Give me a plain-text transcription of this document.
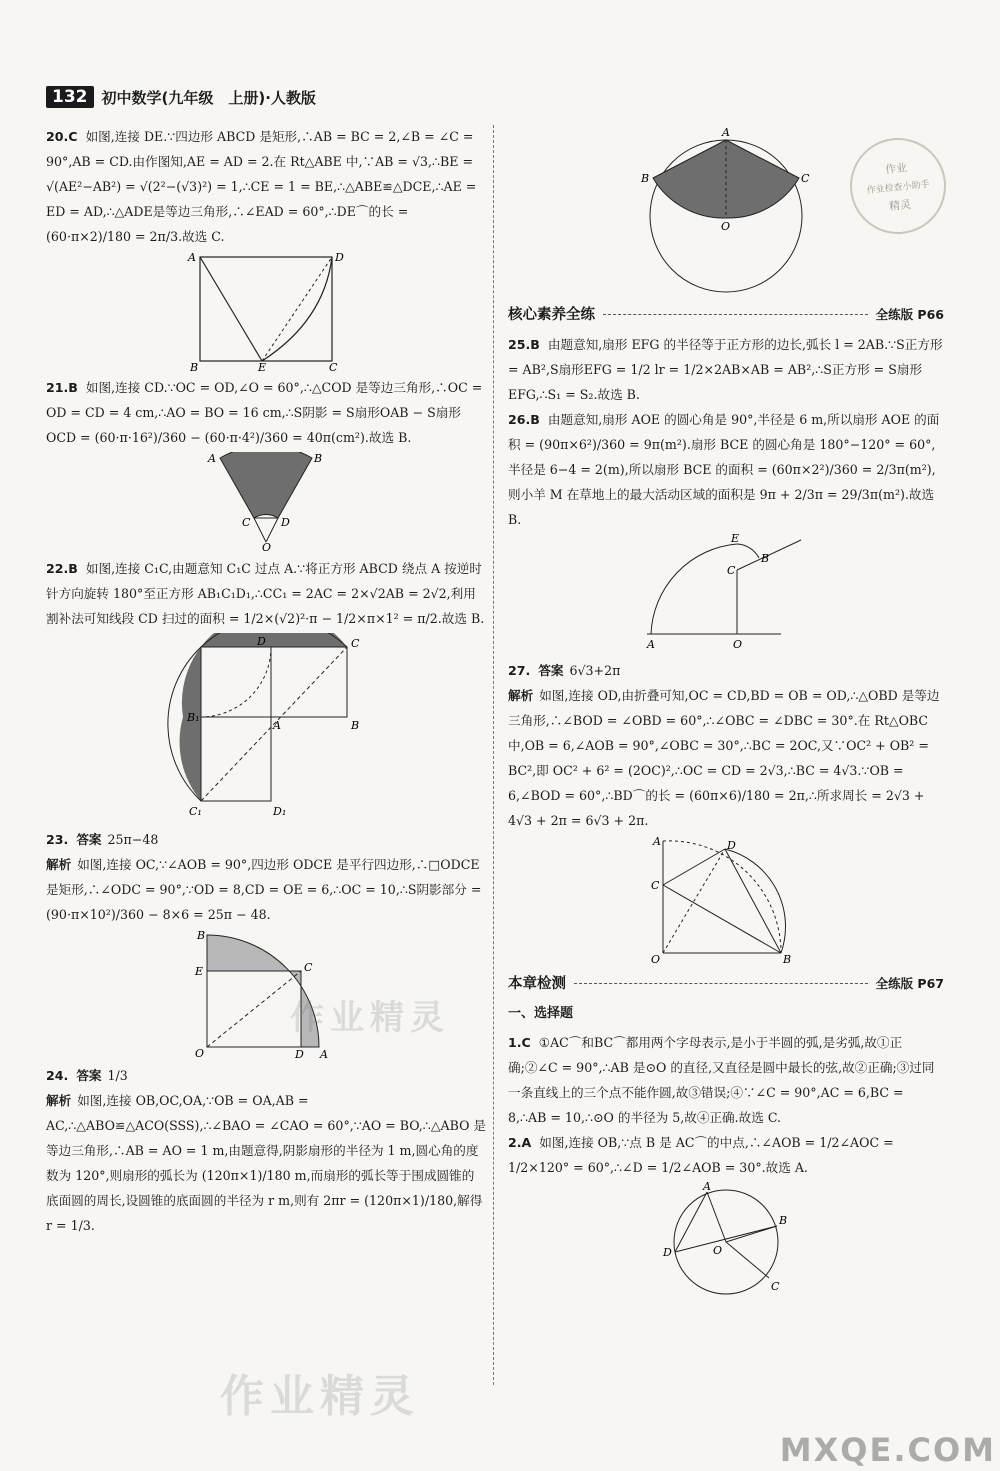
132 初中数学(九年级　上册)·人教版

20.C 如图,连接 DE.∵四边形 ABCD 是矩形,∴AB = BC = 2,∠B = ∠C = 90°,AB = CD.由作图知,AE = AD = 2.在 Rt△ABE 中,∵AB = √3,∴BE = √(AE²−AB²) = √(2²−(√3)²) = 1,∴CE = 1 = BE,∴△ABE≌△DCE,∴AE = ED = AD,∴△ADE是等边三角形,∴∠EAD = 60°,∴DE⌒的长 = (60·π×2)/180 = 2π/3.故选 C.

A	D
B	E	C

21.B 如图,连接 CD.∵OC = OD,∠O = 60°,∴△COD 是等边三角形,∴OC = OD = CD = 4 cm,∴AO = BO = 16 cm,∴S阴影 = S扇形OAB − S扇形OCD = (60·π·16²)/360 − (60·π·4²)/360 = 40π(cm²).故选 B.

A	B
C	D
O

22.B 如图,连接 C₁C,由题意知 C₁C 过点 A.∵将正方形 ABCD 绕点 A 按逆时针方向旋转 180°至正方形 AB₁C₁D₁,∴CC₁ = 2AC = 2×√2AB = 2√2,利用割补法可知线段 CD 扫过的面积 = 1/2×(√2)²·π − 1/2×π×1² = π/2.故选 B.

D	C
B₁
A	B
C₁	D₁

23. 答案 25π−48
解析 如图,连接 OC,∵∠AOB = 90°,四边形 ODCE 是平行四边形,∴□ODCE 是矩形,∴∠ODC = 90°,∵OD = 8,CD = OE = 6,∴OC = 10,∴S阴影部分 = (90·π×10²)/360 − 8×6 = 25π − 48.

B
E	C
O	D A

24. 答案 1/3
解析 如图,连接 OB,OC,OA,∵OB = OA,AB = AC,∴△ABO≌△ACO(SSS),∴∠BAO = ∠CAO = 60°,∵AO = BO,∴△ABO 是等边三角形,∴AB = AO = 1 m,由题意得,阴影扇形的半径为 1 m,圆心角的度数为 120°,则扇形的弧长为 (120π×1)/180 m,而扇形的弧长等于围成圆锥的底面圆的周长,设圆锥的底面圆的半径为 r m,则有 2πr = (120π×1)/180,解得 r = 1/3.

A
B	C
O
核心素养全练	全练版 P66

25.B 由题意知,扇形 EFG 的半径等于正方形的边长,弧长 l = 2AB.∵S正方形 = AB²,S扇形EFG = 1/2 lr = 1/2×2AB×AB = AB²,∴S正方形 = S扇形EFG,∴S₁ = S₂.故选 B.

26.B 由题意知,扇形 AOE 的圆心角是 90°,半径是 6 m,所以扇形 AOE 的面积 = (90π×6²)/360 = 9π(m²).扇形 BCE 的圆心角是 180°−120° = 60°,半径是 6−4 = 2(m),所以扇形 BCE 的面积 = (60π×2²)/360 = 2/3π(m²),则小羊 M 在草地上的最大活动区域的面积是 9π + 2/3π = 29/3π(m²).故选 B.

A	O
C
E
B

27. 答案 6√3+2π
解析 如图,连接 OD,由折叠可知,OC = CD,BD = OB = OD,∴△OBD 是等边三角形,∴∠BOD = ∠OBD = 60°,∴∠OBC = ∠DBC = 30°.在 Rt△OBC 中,OB = 6,∠AOB = 90°,∠OBC = 30°,∴BC = 2OC,又∵OC² + OB² = BC²,即 OC² + 6² = (2OC)²,∴OC = CD = 2√3,∴BC = 4√3.∵OB = 6,∠BOD = 60°,∴BD⌒的长 = (60π×6)/180 = 2π,∴所求周长 = 2√3 + 4√3 + 2π = 6√3 + 2π.

A	D
C
O	B
本章检测	全练版 P67
一、选择题

1.C ①AC⌒和BC⌒都用两个字母表示,是小于半圆的弧,是劣弧,故①正确;②∠C = 90°,∴AB 是⊙O 的直径,又直径是圆中最长的弦,故②正确;③过同一条直线上的三个点不能作圆,故③错误;④∵∠C = 90°,AC = 6,BC = 8,∴AB = 10,∴⊙O 的半径为 5,故④正确.故选 C.

2.A 如图,连接 OB,∵点 B 是 AC⌒的中点,∴∠AOB = 1/2∠AOC = 1/2×120° = 60°,∴∠D = 1/2∠AOB = 30°.故选 A.

A
B
D	O
C
作业
作业检查小助手
精灵
作业精灵
作业精灵
MXQE.COM
